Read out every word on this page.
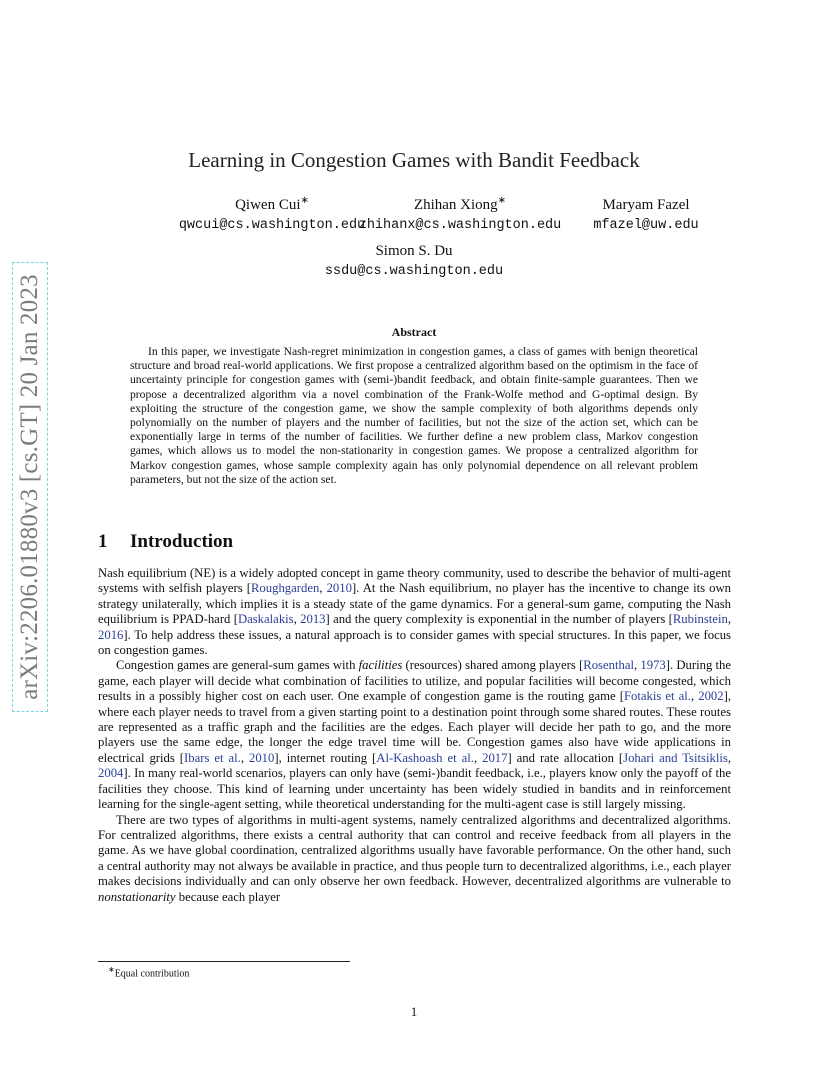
arXiv:2206.01880v3 [cs.GT] 20 Jan 2023
Learning in Congestion Games with Bandit Feedback
Qiwen Cui∗
qwcui@cs.washington.edu
Zhihan Xiong∗
zhihanx@cs.washington.edu
Maryam Fazel
mfazel@uw.edu
Simon S. Du
ssdu@cs.washington.edu
Abstract

In this paper, we investigate Nash-regret minimization in congestion games, a class of games with benign theoretical structure and broad real-world applications. We first propose a centralized algorithm based on the optimism in the face of uncertainty principle for congestion games with (semi-)bandit feedback, and obtain finite-sample guarantees. Then we propose a decentralized algorithm via a novel combination of the Frank-Wolfe method and G-optimal design. By exploiting the structure of the congestion game, we show the sample complexity of both algorithms depends only polynomially on the number of players and the number of facilities, but not the size of the action set, which can be exponentially large in terms of the number of facilities. We further define a new problem class, Markov congestion games, which allows us to model the non-stationarity in congestion games. We propose a centralized algorithm for Markov congestion games, whose sample complexity again has only polynomial dependence on all relevant problem parameters, but not the size of the action set.

1 Introduction

Nash equilibrium (NE) is a widely adopted concept in game theory community, used to describe the behavior of multi-agent systems with selfish players [Roughgarden, 2010]. At the Nash equilibrium, no player has the incentive to change its own strategy unilaterally, which implies it is a steady state of the game dynamics. For a general-sum game, computing the Nash equilibrium is PPAD-hard [Daskalakis, 2013] and the query complexity is exponential in the number of players [Rubinstein, 2016]. To help address these issues, a natural approach is to consider games with special structures. In this paper, we focus on congestion games.

Congestion games are general-sum games with facilities (resources) shared among players [Rosenthal, 1973]. During the game, each player will decide what combination of facilities to utilize, and popular facilities will become congested, which results in a possibly higher cost on each user. One example of congestion game is the routing game [Fotakis et al., 2002], where each player needs to travel from a given starting point to a destination point through some shared routes. These routes are represented as a traffic graph and the facilities are the edges. Each player will decide her path to go, and the more players use the same edge, the longer the edge travel time will be. Congestion games also have wide applications in electrical grids [Ibars et al., 2010], internet routing [Al-Kashoash et al., 2017] and rate allocation [Johari and Tsitsiklis, 2004]. In many real-world scenarios, players can only have (semi-)bandit feedback, i.e., players know only the payoff of the facilities they choose. This kind of learning under uncertainty has been widely studied in bandits and in reinforcement learning for the single-agent setting, while theoretical understanding for the multi-agent case is still largely missing.

There are two types of algorithms in multi-agent systems, namely centralized algorithms and decentralized algorithms. For centralized algorithms, there exists a central authority that can control and receive feedback from all players in the game. As we have global coordination, centralized algorithms usually have favorable performance. On the other hand, such a central authority may not always be available in practice, and thus people turn to decentralized algorithms, i.e., each player makes decisions individually and can only observe her own feedback. However, decentralized algorithms are vulnerable to nonstationarity because each player

∗Equal contribution
1
